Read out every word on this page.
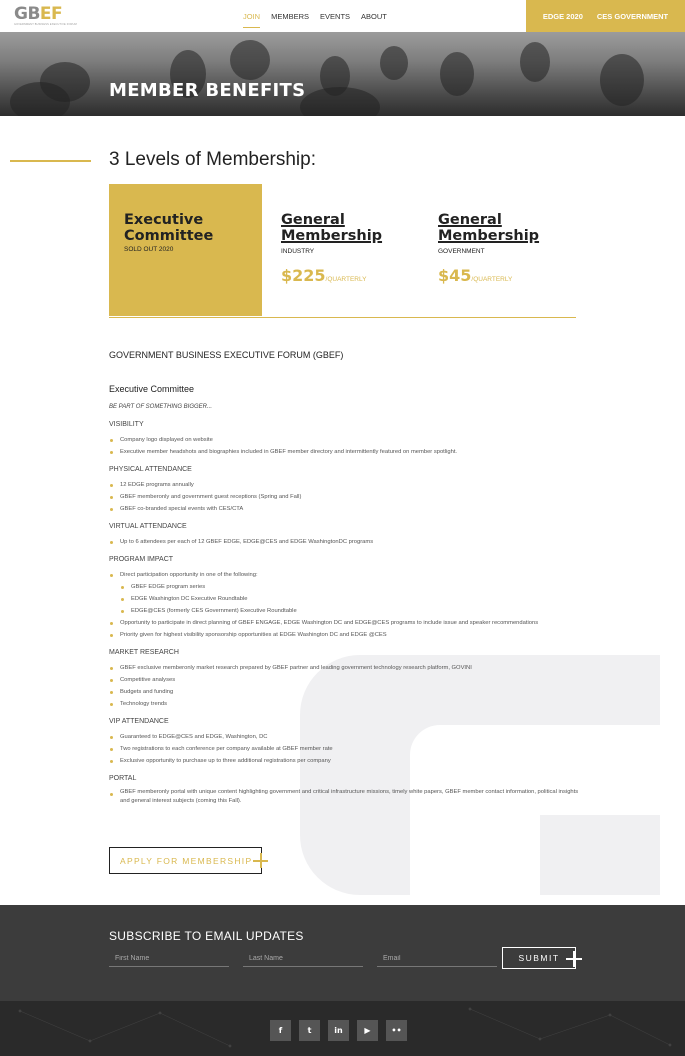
GBEF
GOVERNMENT BUSINESS EXECUTIVE FORUM
JOIN MEMBERS EVENTS ABOUT	EDGE 2020 CES GOVERNMENT
MEMBER BENEFITS
3 Levels of Membership:
Executive
Committee
SOLD OUT 2020
General
Membership
INDUSTRY
$225/QUARTERLY
General
Membership
GOVERNMENT
$45/QUARTERLY
GOVERNMENT BUSINESS EXECUTIVE FORUM (GBEF)
Executive Committee
BE PART OF SOMETHING BIGGER...
VISIBILITY
Company logo displayed on website
Executive member headshots and biographies included in GBEF member directory and intermittently featured on member spotlight.
PHYSICAL ATTENDANCE
12 EDGE programs annually
GBEF memberonly and government guest receptions (Spring and Fall)
GBEF co-branded special events with CES/CTA
VIRTUAL ATTENDANCE
Up to 6 attendees per each of 12 GBEF EDGE, EDGE@CES and EDGE WashingtonDC programs
PROGRAM IMPACT
Direct participation opportunity in one of the following:
GBEF EDGE program series
EDGE Washington DC Executive Roundtable
EDGE@CES (formerly CES Government) Executive Roundtable
Opportunity to participate in direct planning of GBEF ENGAGE, EDGE Washington DC and EDGE@CES programs to include issue and speaker recommendations
Priority given for highest visibility sponsorship opportunities at EDGE Washington DC and EDGE @CES
MARKET RESEARCH
GBEF exclusive memberonly market research prepared by GBEF partner and leading government technology research platform, GOVINI
Competitive analyses
Budgets and funding
Technology trends
VIP ATTENDANCE
Guaranteed to EDGE@CES and EDGE, Washington, DC
Two registrations to each conference per company available at GBEF member rate
Exclusive opportunity to purchase up to three additional registrations per company
PORTAL
GBEF memberonly portal with unique content highlighting government and critical infrastructure missions, timely white papers, GBEF member contact information, political insights and general interest subjects (coming this Fall).
APPLY FOR MEMBERSHIP
SUBSCRIBE TO EMAIL UPDATES
First Name
Last Name
Email
SUBMIT
f	t	in	▶	••
